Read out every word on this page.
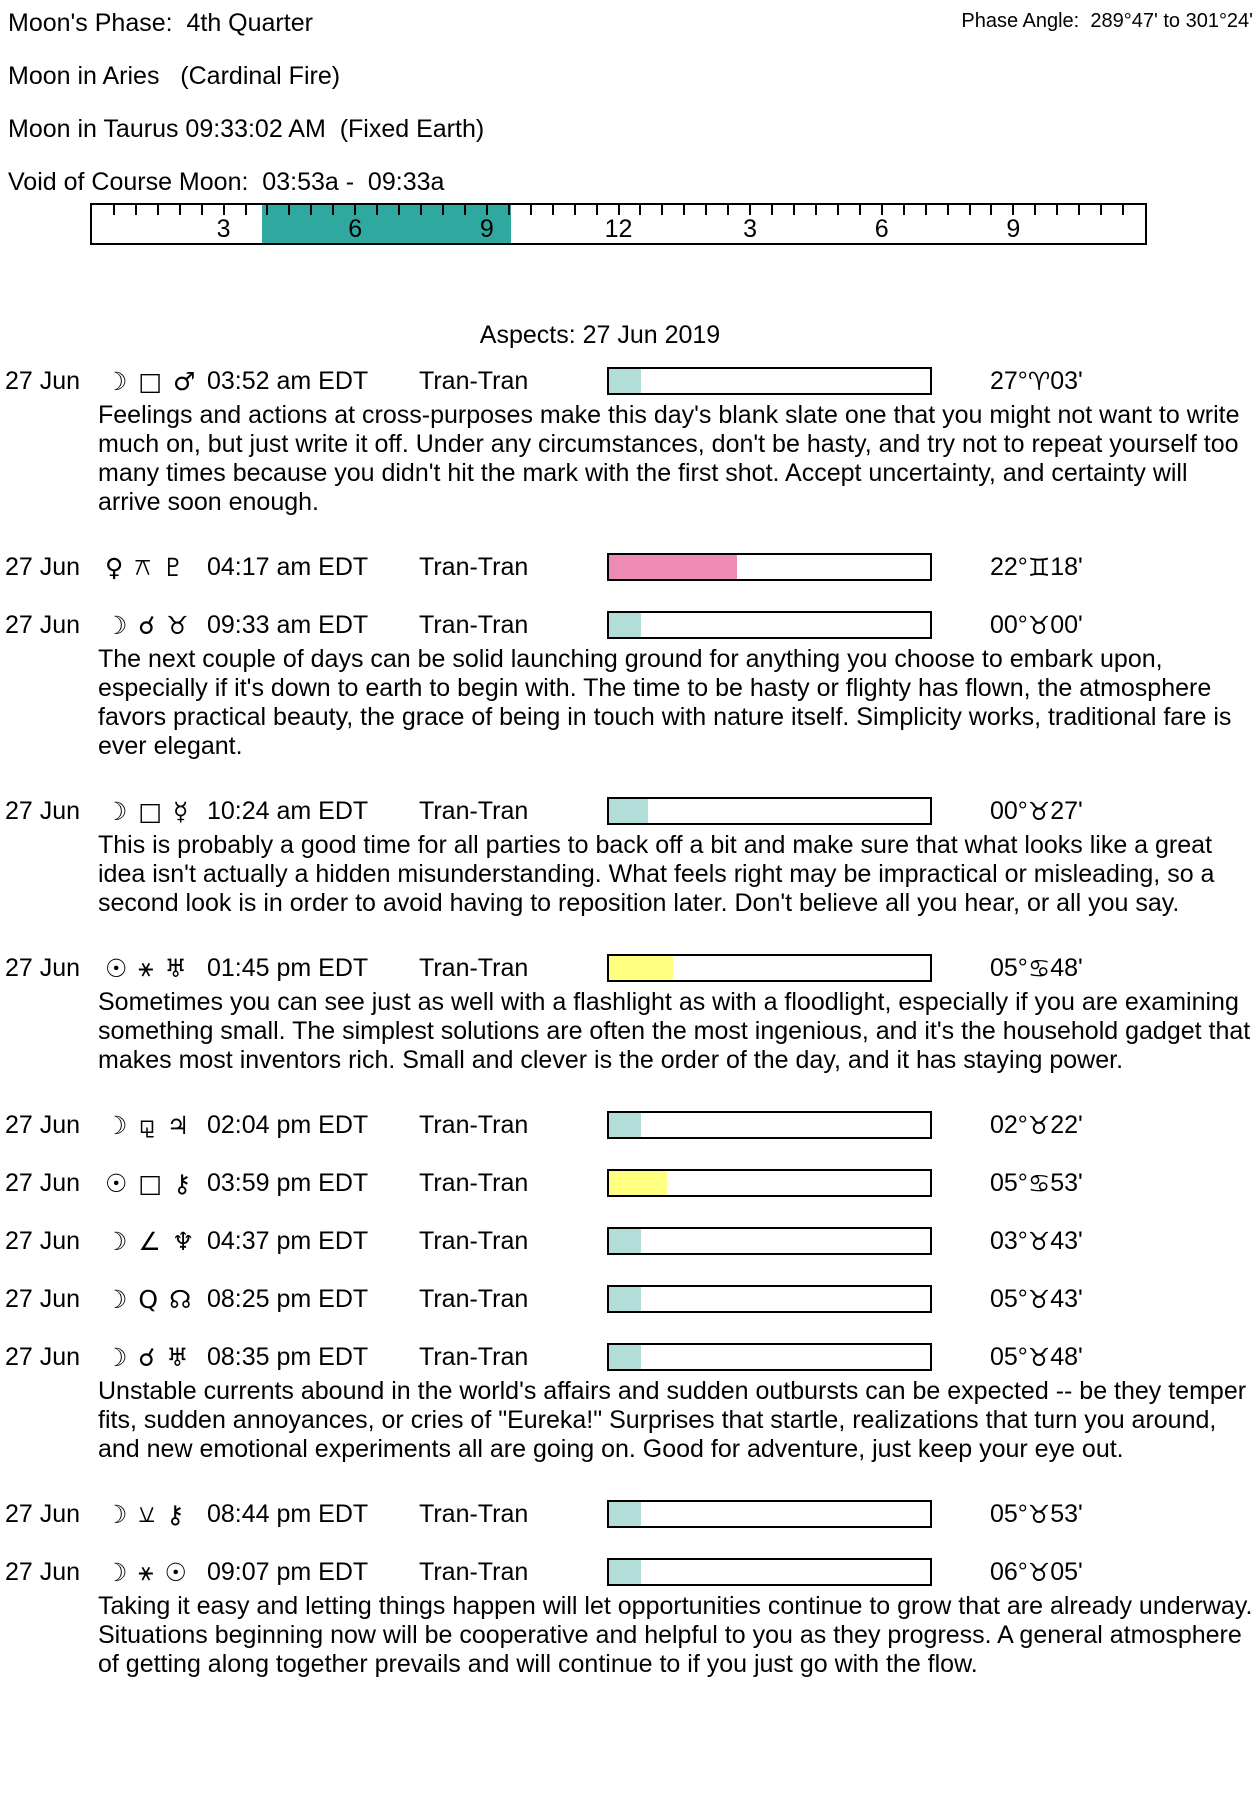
Moon's Phase:  4th Quarter	Phase Angle:  289°47' to 301°24'
Moon in Aries   (Cardinal Fire)
Moon in Taurus 09:33:02 AM  (Fixed Earth)
Void of Course Moon:  03:53a -  09:33a
3	6	9	12	3	6	9
Aspects: 27 Jun 2019
27 Jun ☽ □ ♂ 03:52 am EDT	Tran-Tran	27° ♈ 03'

Feelings and actions at cross-purposes make this day's blank slate one that you might not want to write much on, but just write it off. Under any circumstances, don't be hasty, and try not to repeat yourself too many times because you didn't hit the mark with the first shot. Accept uncertainty, and certainty will arrive soon enough.

27 Jun ♀ ⚻ ♇ 04:17 am EDT	Tran-Tran	22° ♊ 18'
27 Jun ☽ ☌ ♉ 09:33 am EDT	Tran-Tran	00° ♉ 00'

The next couple of days can be solid launching ground for anything you choose to embark upon, especially if it's down to earth to begin with. The time to be hasty or flighty has flown, the atmosphere favors practical beauty, the grace of being in touch with nature itself. Simplicity works, traditional fare is ever elegant.

27 Jun ☽ □ ☿ 10:24 am EDT	Tran-Tran	00° ♉ 27'

This is probably a good time for all parties to back off a bit and make sure that what looks like a great idea isn't actually a hidden misunderstanding. What feels right may be impractical or misleading, so a second look is in order to avoid having to reposition later. Don't believe all you hear, or all you say.

27 Jun ☉ ⚹ ♅ 01:45 pm EDT	Tran-Tran	05° ♋ 48'

Sometimes you can see just as well with a flashlight as with a floodlight, especially if you are examining something small. The simplest solutions are often the most ingenious, and it's the household gadget that makes most inventors rich. Small and clever is the order of the day, and it has staying power.

27 Jun ☽ ⚼ ♃ 02:04 pm EDT	Tran-Tran	02° ♉ 22'
27 Jun ☉ □ ⚷ 03:59 pm EDT	Tran-Tran	05° ♋ 53'
27 Jun ☽ ∠ ♆ 04:37 pm EDT	Tran-Tran	03° ♉ 43'
27 Jun ☽ Q ☊ 08:25 pm EDT	Tran-Tran	05° ♉ 43'
27 Jun ☽ ☌ ♅ 08:35 pm EDT	Tran-Tran	05° ♉ 48'

Unstable currents abound in the world's affairs and sudden outbursts can be expected -- be they temper fits, sudden annoyances, or cries of "Eureka!" Surprises that startle, realizations that turn you around, and new emotional experiments all are going on. Good for adventure, just keep your eye out.

27 Jun ☽ ⚺ ⚷ 08:44 pm EDT	Tran-Tran	05° ♉ 53'
27 Jun ☽ ⚹ ☉ 09:07 pm EDT	Tran-Tran	06° ♉ 05'

Taking it easy and letting things happen will let opportunities continue to grow that are already underway. Situations beginning now will be cooperative and helpful to you as they progress. A general atmosphere of getting along together prevails and will continue to if you just go with the flow.
